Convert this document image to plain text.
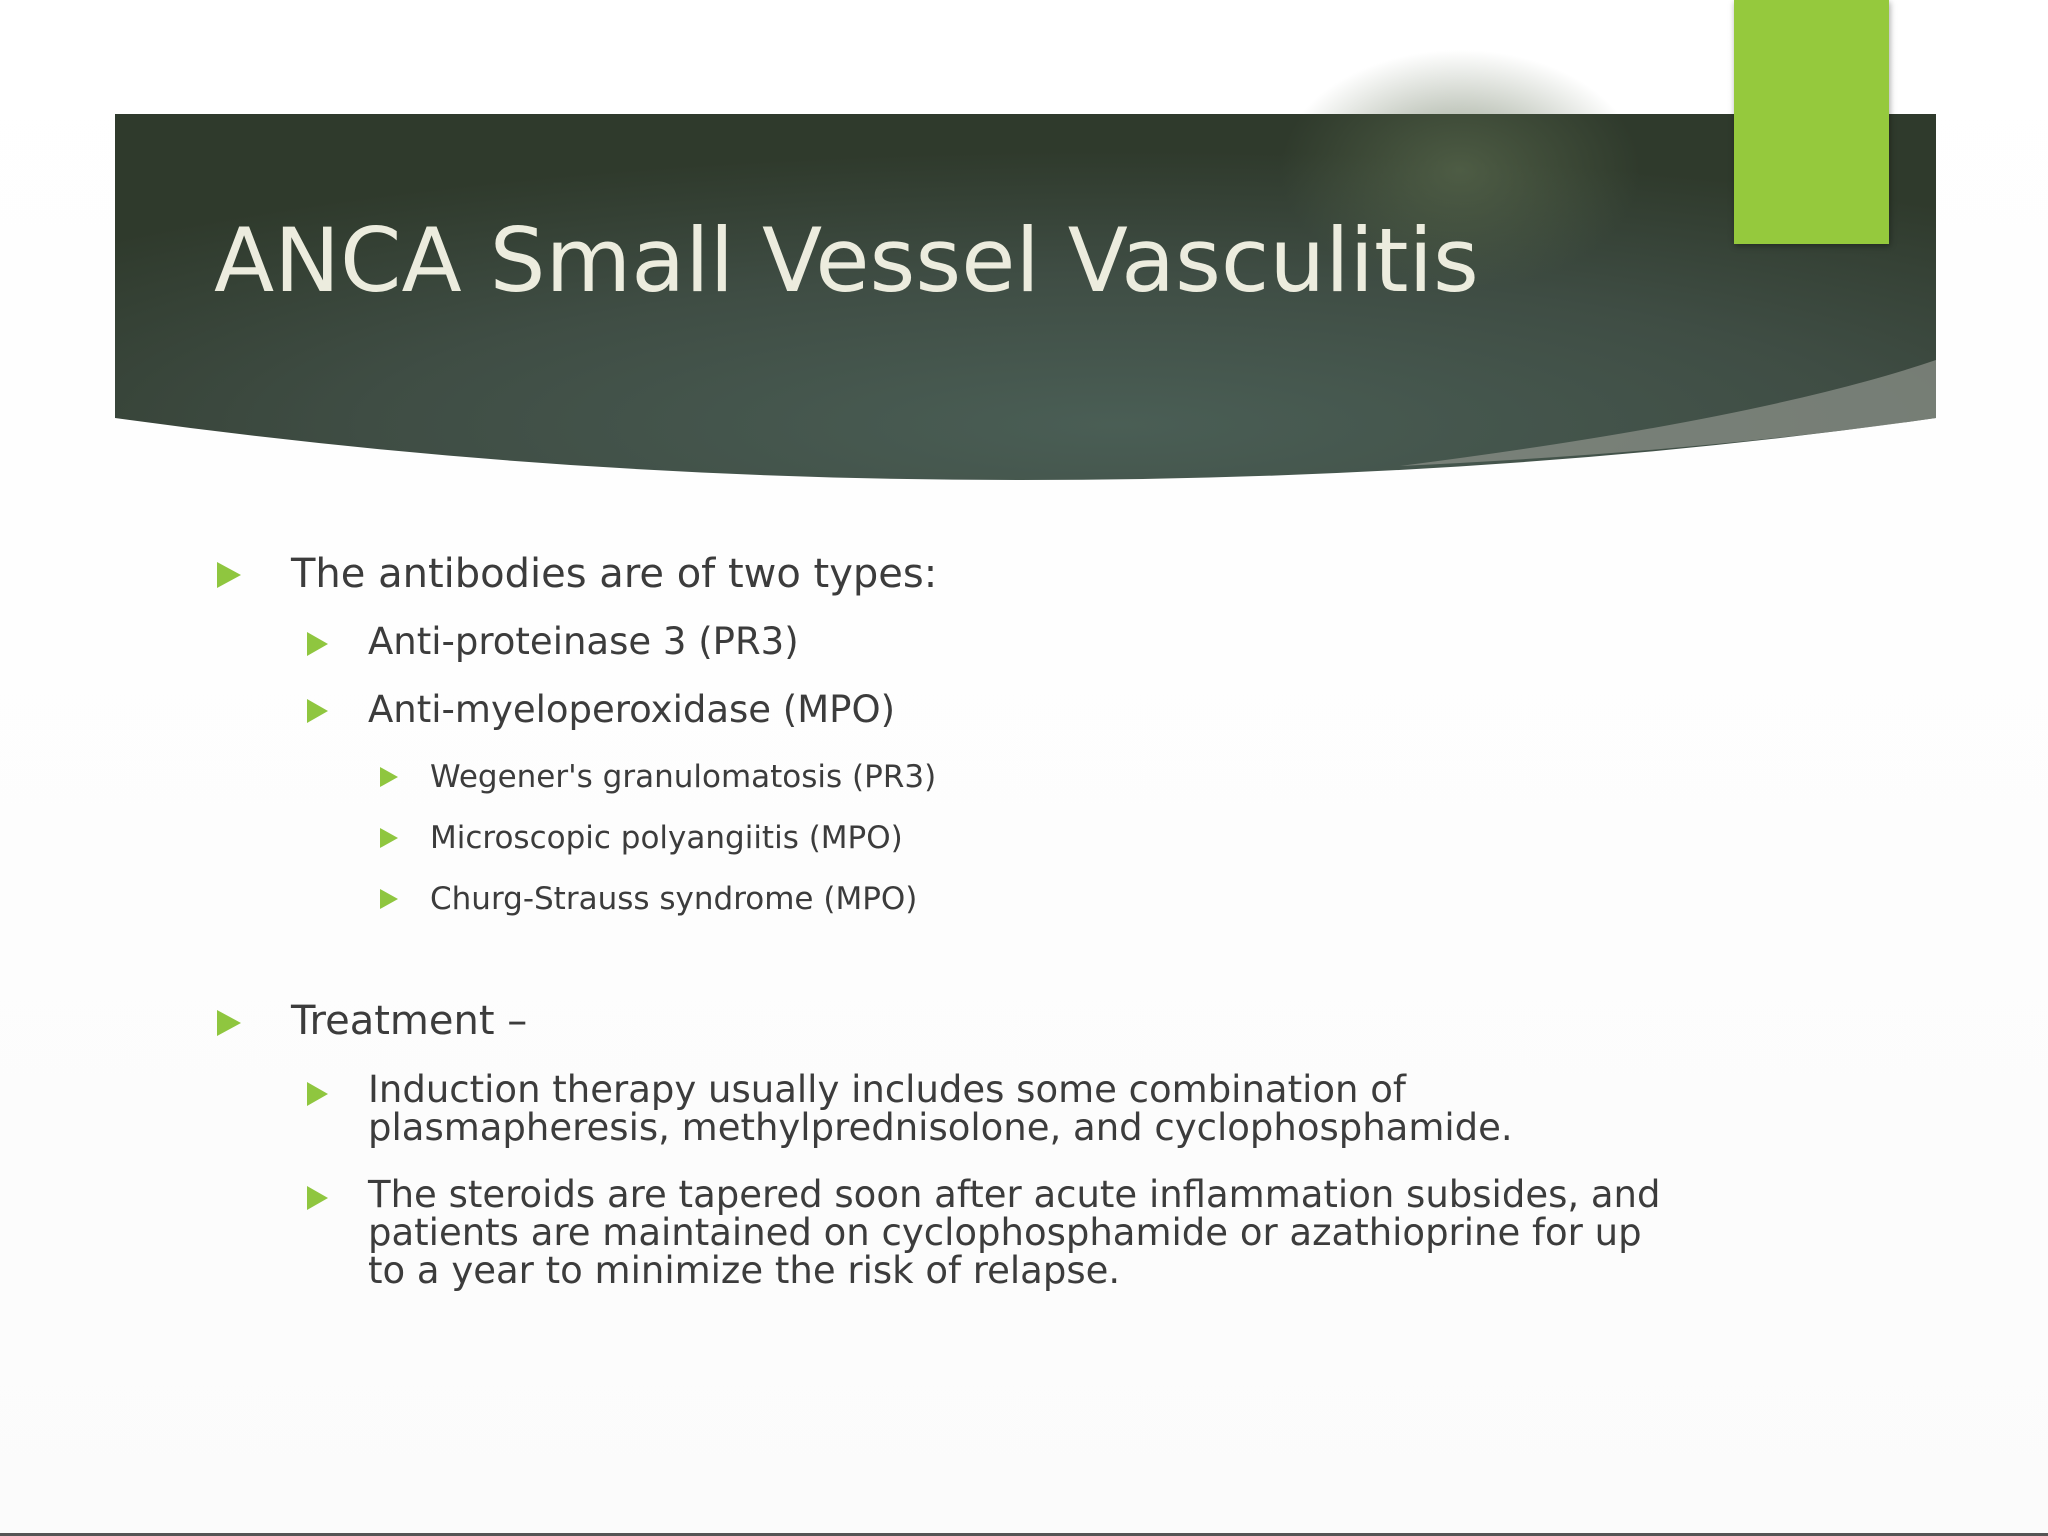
ANCA Small Vessel Vasculitis

The antibodies are of two types:

Anti-proteinase 3 (PR3)

Anti-myeloperoxidase (MPO)

Wegener's granulomatosis (PR3)

Microscopic polyangiitis (MPO)

Churg-Strauss syndrome (MPO)

Treatment –

Induction therapy usually includes some combination of

plasmapheresis, methylprednisolone, and cyclophosphamide.

The steroids are tapered soon after acute inflammation subsides, and

patients are maintained on cyclophosphamide or azathioprine for up

to a year to minimize the risk of relapse.
